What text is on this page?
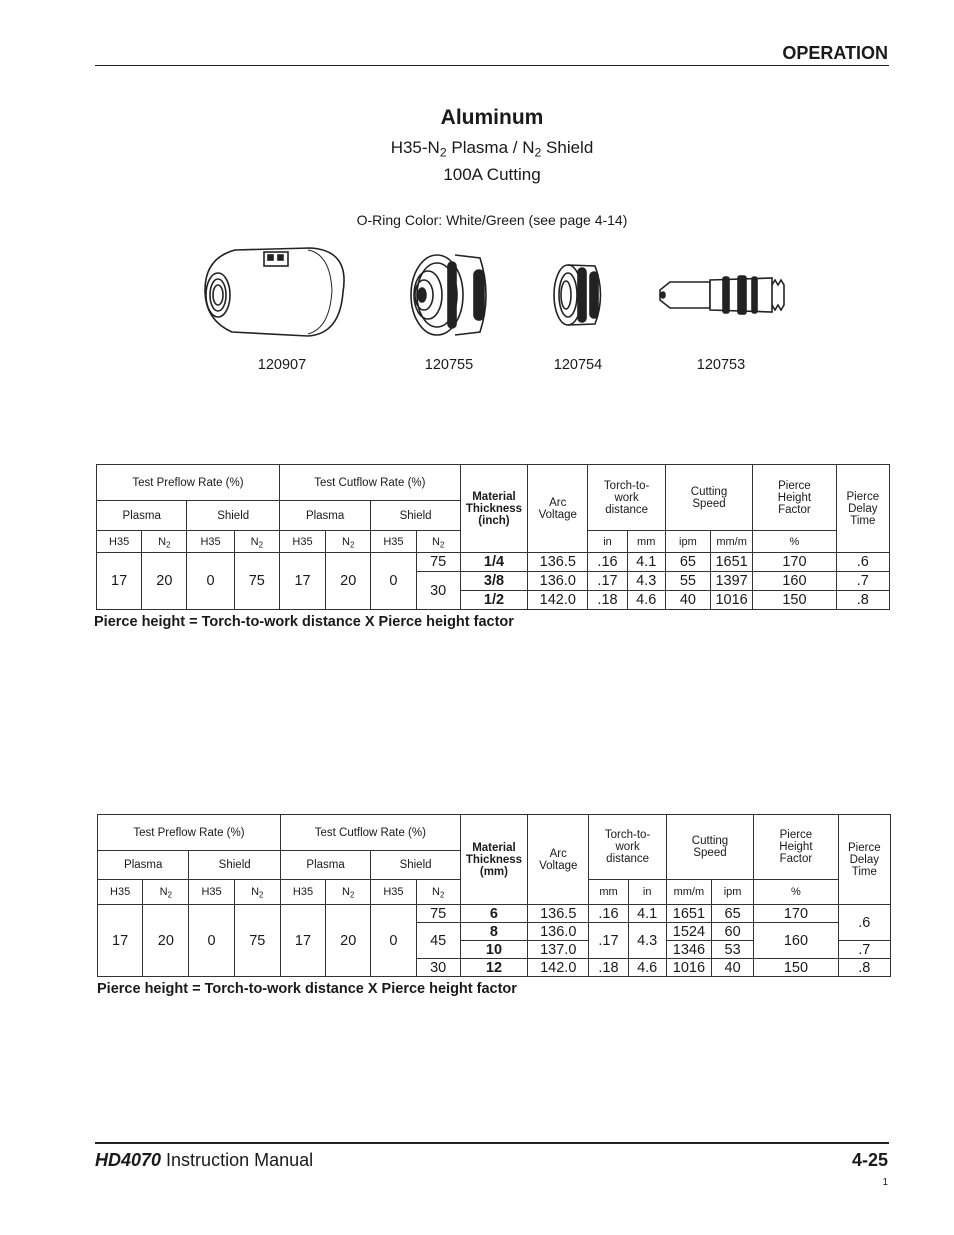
OPERATION
Aluminum
$H35-N_2$ Plasma / $N_2$ Shield
100A Cutting
O-Ring Color: White/Green (see page 4-14)
120907	120755	120754	120753
Test Preflow Rate (%)				Test Cutflow Rate (%)				Material
Thickness
(inch)	Arc
Voltage	Torch-to-
work
distance		Cutting
Speed		Pierce
Height
Factor	Pierce
Delay
Time
Plasma		Shield		Plasma		Shield									
H35	$N_2$	H35	$N_2$	H35	$N_2$	H35	$N_2$			in	mm	ipm	mm/m	%	
17	20	0	75	17	20	0	75	1/4	136.5	.16	4.1	65	1651	170	.6
							30	3/8	136.0	.17	4.3	55	1397	160	.7
								1/2	142.0	.18	4.6	40	1016	150	.8
Pierce height = Torch-to-work distance X Pierce height factor
Test Preflow Rate (%)				Test Cutflow Rate (%)				Material
Thickness
(mm)	Arc
Voltage	Torch-to-
work
distance		Cutting
Speed		Pierce
Height
Factor	Pierce
Delay
Time
Plasma		Shield		Plasma		Shield									
H35	$N_2$	H35	$N_2$	H35	$N_2$	H35	$N_2$			mm	in	mm/m	ipm	%	
17	20	0	75	17	20	0	75	6	136.5	.16	4.1	1651	65	170	.6
							45	8	136.0	.17	4.3	1524	60	160	
								10	137.0			1346	53		.7
							30	12	142.0	.18	4.6	1016	40	150	.8
Pierce height = Torch-to-work distance X Pierce height factor
HD4070 Instruction Manual	4-25
1
